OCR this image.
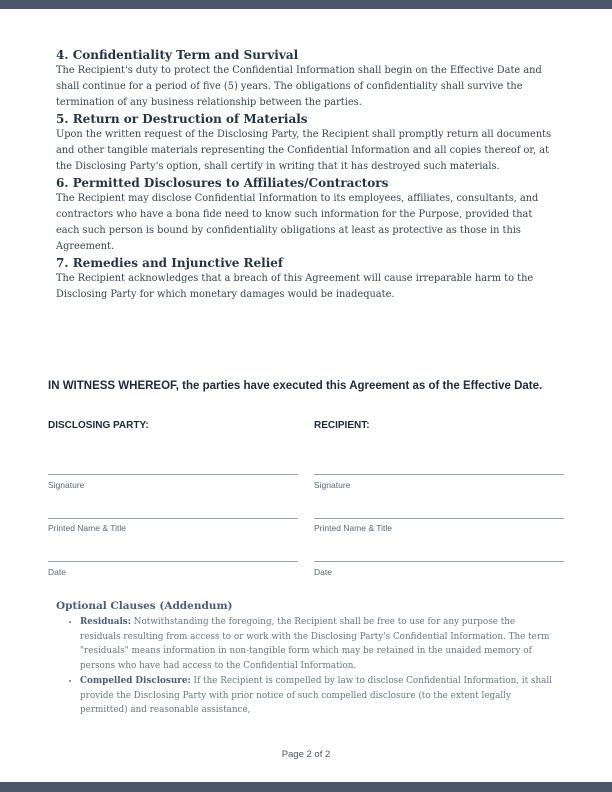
4. Confidentiality Term and Survival

The Recipient's duty to protect the Confidential Information shall begin on the Effective Date and shall continue for a period of five (5) years. The obligations of confidentiality shall survive the termination of any business relationship between the parties.

5. Return or Destruction of Materials

Upon the written request of the Disclosing Party, the Recipient shall promptly return all documents and other tangible materials representing the Confidential Information and all copies thereof or, at the Disclosing Party's option, shall certify in writing that it has destroyed such materials.

6. Permitted Disclosures to Affiliates/Contractors

The Recipient may disclose Confidential Information to its employees, affiliates, consultants, and contractors who have a bona fide need to know such information for the Purpose, provided that each such person is bound by confidentiality obligations at least as protective as those in this Agreement.

7. Remedies and Injunctive Relief

The Recipient acknowledges that a breach of this Agreement will cause irreparable harm to the Disclosing Party for which monetary damages would be inadequate.

IN WITNESS WHEREOF, the parties have executed this Agreement as of the Effective Date.
DISCLOSING PARTY:
Signature
Printed Name & Title
Date
RECIPIENT:
Signature
Printed Name & Title
Date
Optional Clauses (Addendum)
• Residuals: Notwithstanding the foregoing, the Recipient shall be free to use for any purpose the residuals resulting from access to or work with the Disclosing Party's Confidential Information. The term "residuals" means information in non-tangible form which may be retained in the unaided memory of persons who have had access to the Confidential Information.
• Compelled Disclosure: If the Recipient is compelled by law to disclose Confidential Information, it shall provide the Disclosing Party with prior notice of such compelled disclosure (to the extent legally permitted) and reasonable assistance,
Page 2 of 2
